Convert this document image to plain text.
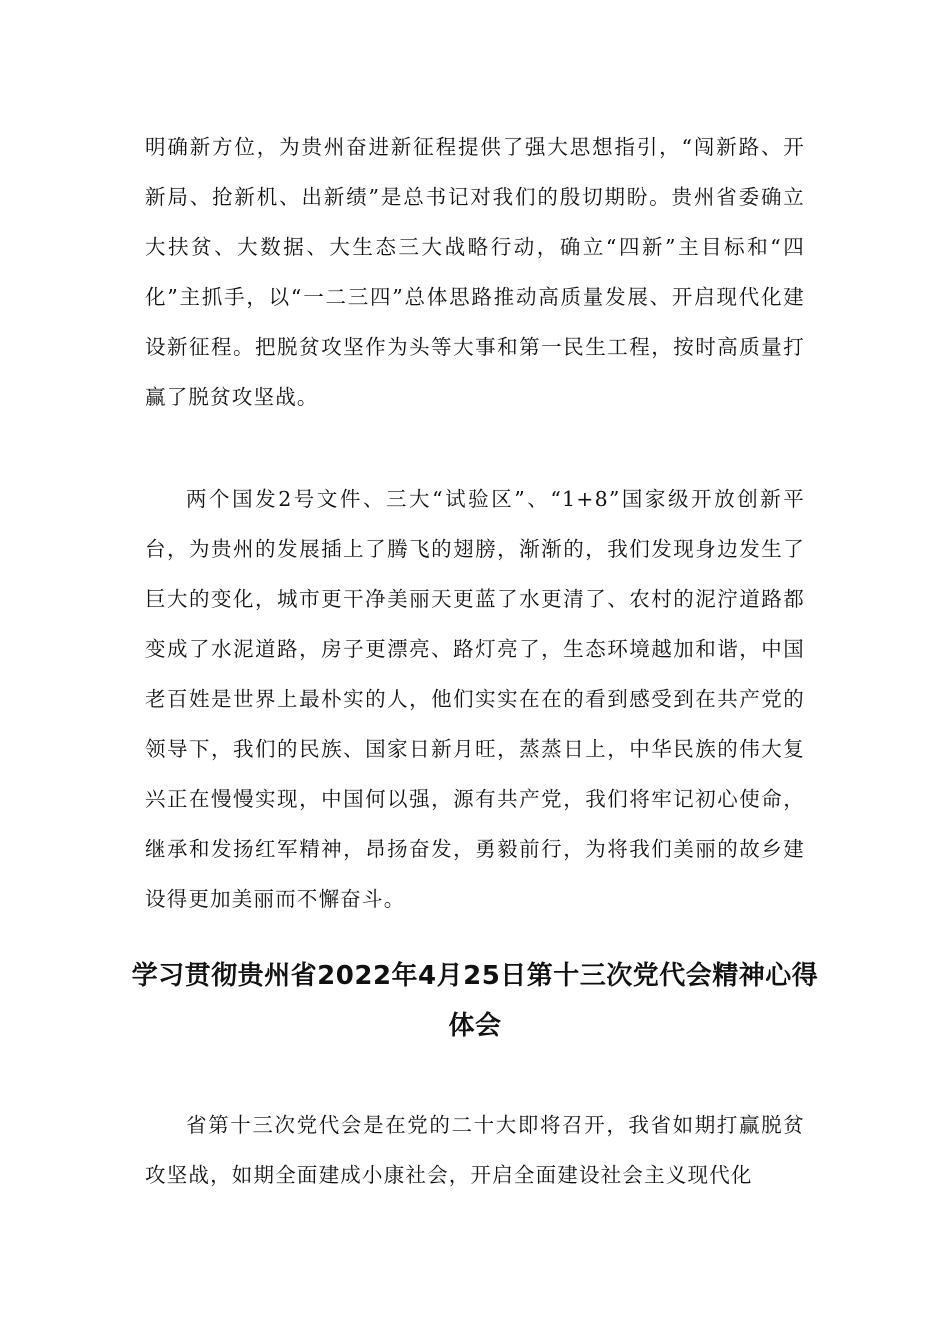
明确新方位，为贵州奋进新征程提供了强大思想指引，“闯新路、开新局、抢新机、出新绩”是总书记对我们的殷切期盼。贵州省委确立大扶贫、大数据、大生态三大战略行动，确立“四新”主目标和“四化”主抓手，以“一二三四”总体思路推动高质量发展、开启现代化建设新征程。把脱贫攻坚作为头等大事和第一民生工程，按时高质量打赢了脱贫攻坚战。

两个国发2号文件、三大“试验区”、“1+8”国家级开放创新平台，为贵州的发展插上了腾飞的翅膀，渐渐的，我们发现身边发生了巨大的变化，城市更干净美丽天更蓝了水更清了、农村的泥泞道路都变成了水泥道路，房子更漂亮、路灯亮了，生态环境越加和谐，中国老百姓是世界上最朴实的人，他们实实在在的看到感受到在共产党的领导下，我们的民族、国家日新月旺，蒸蒸日上，中华民族的伟大复兴正在慢慢实现，中国何以强，源有共产党，我们将牢记初心使命，继承和发扬红军精神，昂扬奋发，勇毅前行，为将我们美丽的故乡建设得更加美丽而不懈奋斗。

学习贯彻贵州省2022年4月25日第十三次党代会精神心得体会

省第十三次党代会是在党的二十大即将召开，我省如期打赢脱贫攻坚战，如期全面建成小康社会，开启全面建设社会主义现代化
